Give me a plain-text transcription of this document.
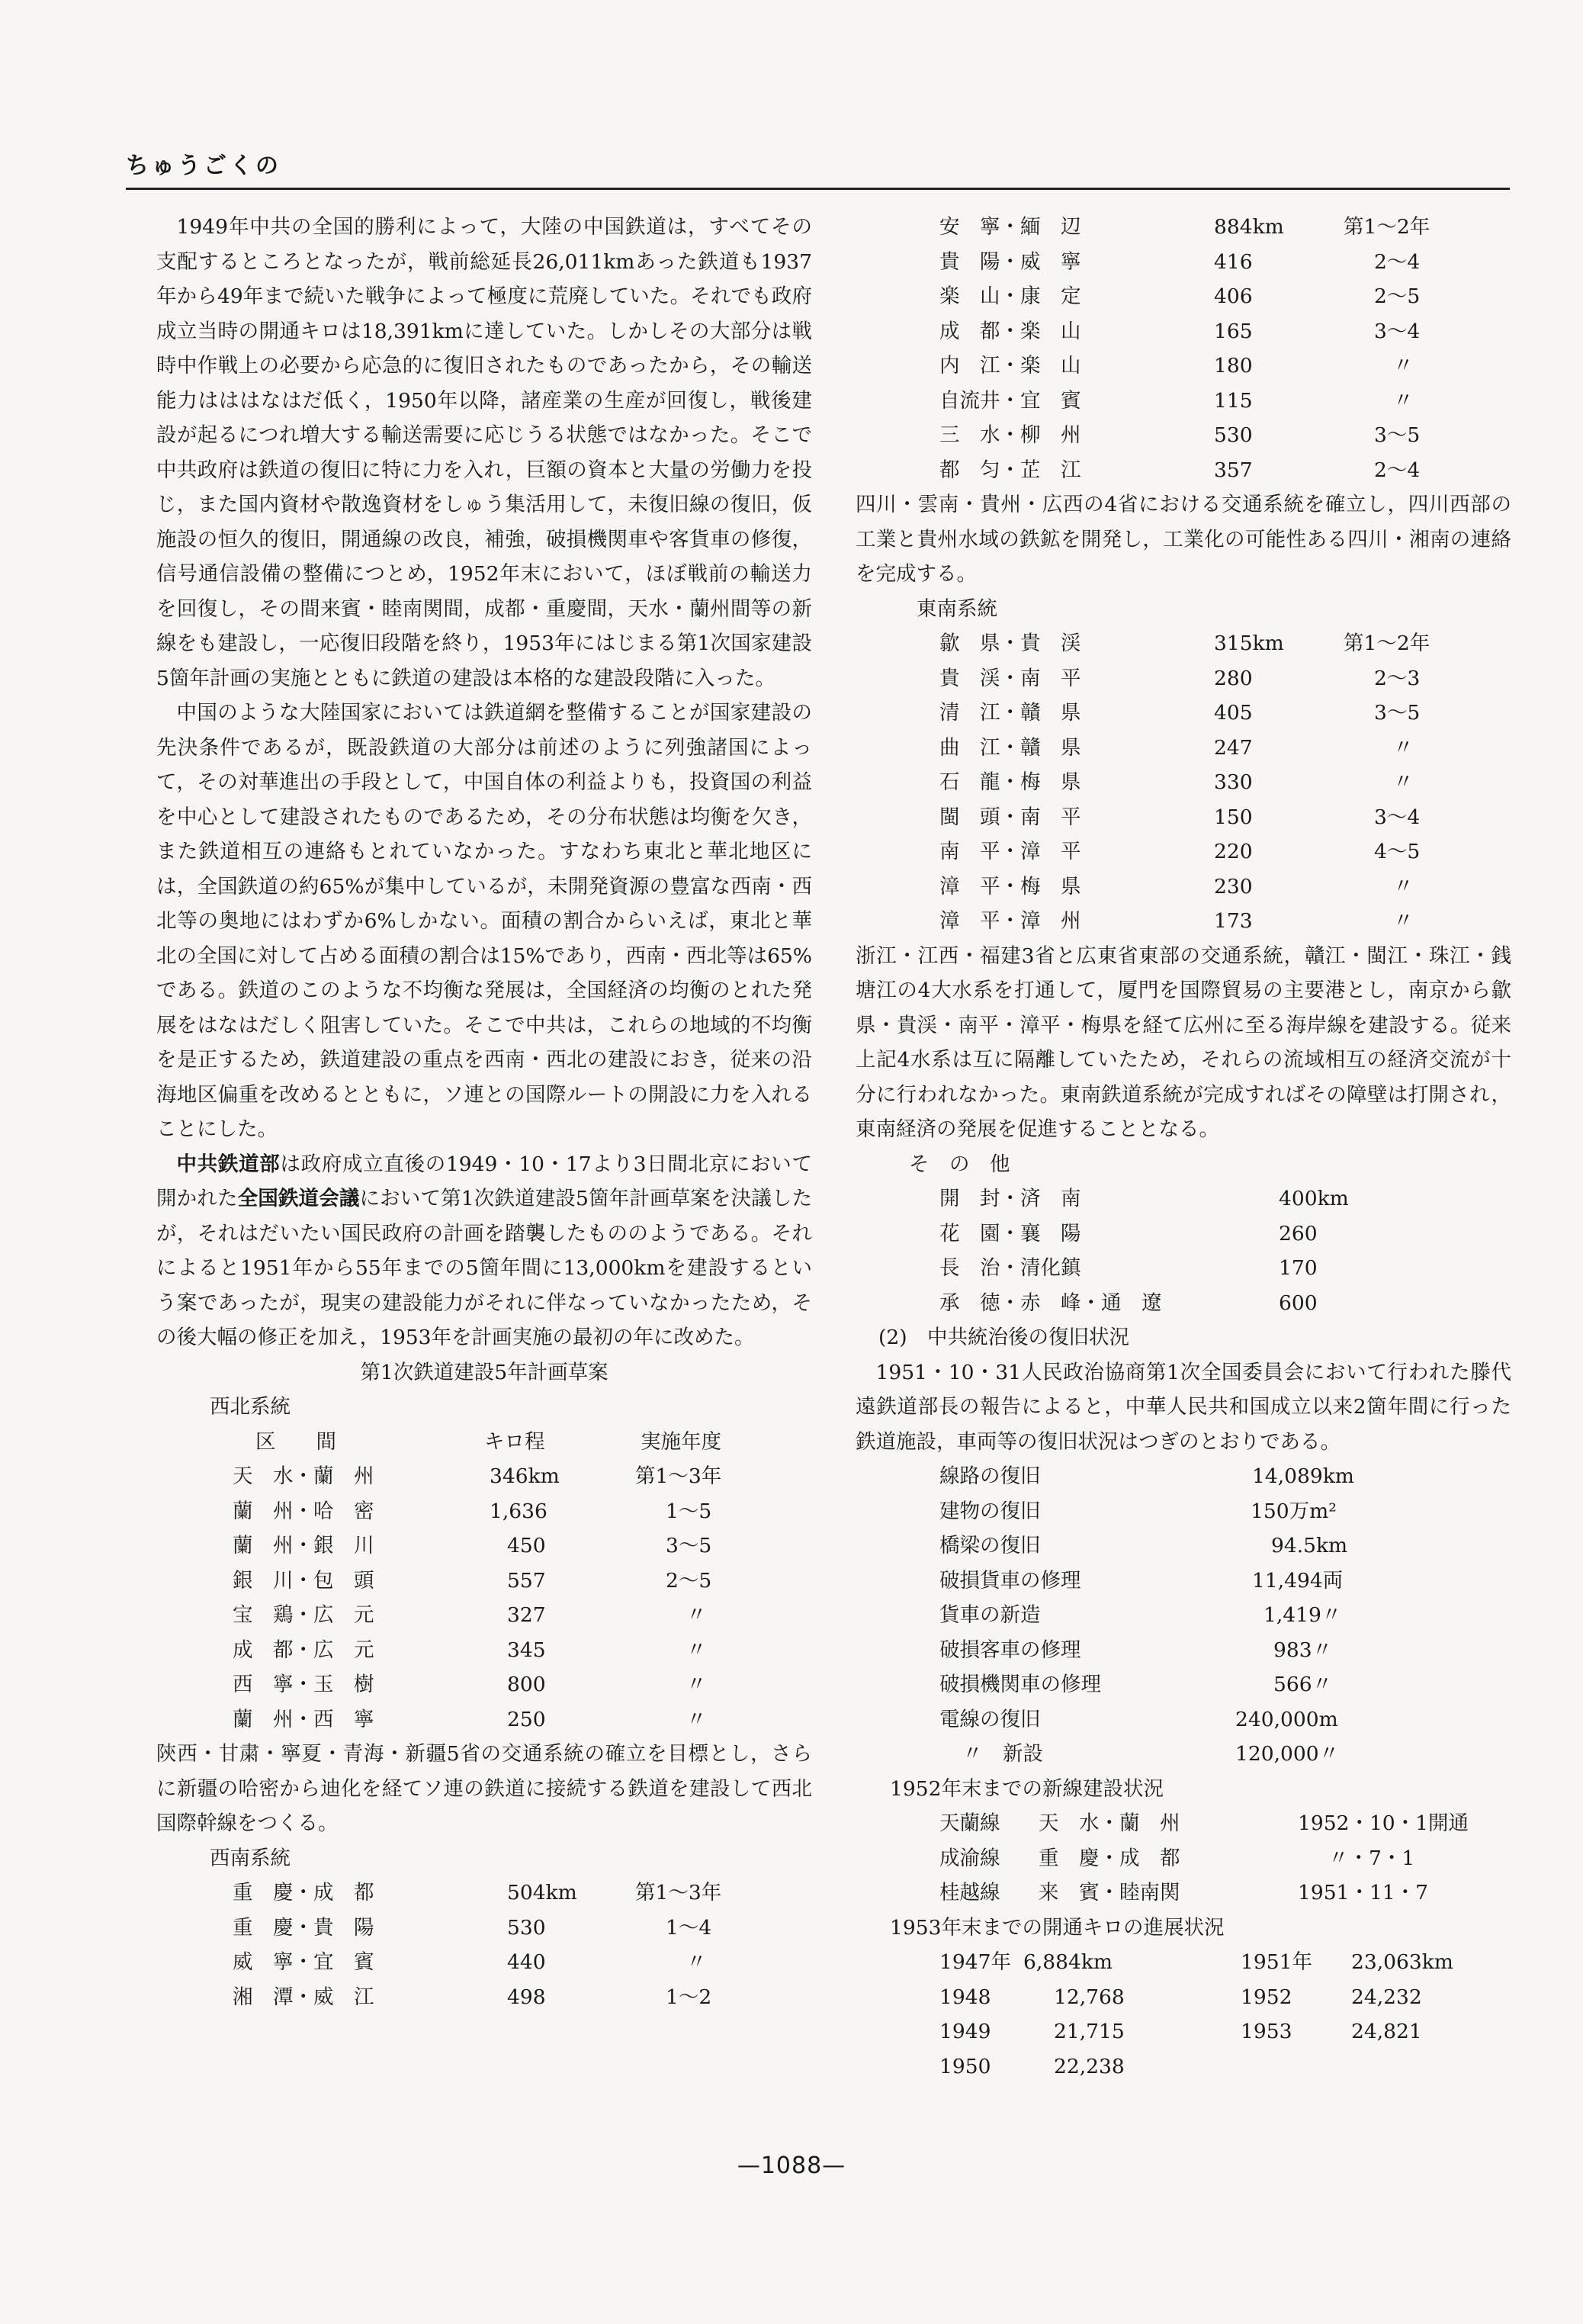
ちゅうごくの

1949年中共の全国的勝利によって，大陸の中国鉄道は，すべてその支配するところとなったが，戦前総延長26,011kmあった鉄道も1937年から49年まで続いた戦争によって極度に荒廃していた。それでも政府成立当時の開通キロは18,391kmに達していた。しかしその大部分は戦時中作戦上の必要から応急的に復旧されたものであったから，その輸送能力はははなはだ低く，1950年以降，諸産業の生産が回復し，戦後建設が起るにつれ増大する輸送需要に応じうる状態ではなかった。そこで中共政府は鉄道の復旧に特に力を入れ，巨額の資本と大量の労働力を投じ，また国内資材や散逸資材をしゅう集活用して，未復旧線の復旧，仮施設の恒久的復旧，開通線の改良，補強，破損機関車や客貨車の修復，信号通信設備の整備につとめ，1952年末において，ほぼ戦前の輸送力を回復し，その間来賓・睦南関間，成都・重慶間，天水・蘭州間等の新線をも建設し，一応復旧段階を終り，1953年にはじまる第1次国家建設5箇年計画の実施とともに鉄道の建設は本格的な建設段階に入った。

中国のような大陸国家においては鉄道網を整備することが国家建設の先決条件であるが，既設鉄道の大部分は前述のように列強諸国によって，その対華進出の手段として，中国自体の利益よりも，投資国の利益を中心として建設されたものであるため，その分布状態は均衡を欠き，また鉄道相互の連絡もとれていなかった。すなわち東北と華北地区には，全国鉄道の約65%が集中しているが，未開発資源の豊富な西南・西北等の奥地にはわずか6%しかない。面積の割合からいえば，東北と華北の全国に対して占める面積の割合は15%であり，西南・西北等は65%である。鉄道のこのような不均衡な発展は，全国経済の均衡のとれた発展をはなはだしく阻害していた。そこで中共は，これらの地域的不均衡を是正するため，鉄道建設の重点を西南・西北の建設におき，従来の沿海地区偏重を改めるとともに，ソ連との国際ルートの開設に力を入れることにした。

中共鉄道部は政府成立直後の1949・10・17より3日間北京において開かれた全国鉄道会議において第1次鉄道建設5箇年計画草案を決議したが，それはだいたい国民政府の計画を踏襲したもののようである。それによると1951年から55年までの5箇年間に13,000kmを建設するという案であったが，現実の建設能力がそれに伴なっていなかったため，その後大幅の修正を加え，1953年を計画実施の最初の年に改めた。

第1次鉄道建設5年計画草案
西北系統
区　　間	キロ程	実施年度
天　水・蘭　州	346km	第1～3年
蘭　州・哈　密	1,636	1～5
蘭　州・銀　川	450	3～5
銀　川・包　頭	557	2～5
宝　鶏・広　元	327	〃
成　都・広　元	345	〃
西　寧・玉　樹	800	〃
蘭　州・西　寧	250	〃

陝西・甘粛・寧夏・青海・新疆5省の交通系統の確立を目標とし，さらに新疆の哈密から迪化を経てソ連の鉄道に接続する鉄道を建設して西北国際幹線をつくる。

西南系統
重　慶・成　都	504km	第1～3年
重　慶・貴　陽	530	1～4
威　寧・宜　賓	440	〃
湘　潭・威　江	498	1～2
安　寧・緬　辺	884km	第1～2年
貴　陽・威　寧	416	2～4
楽　山・康　定	406	2～5
成　都・楽　山	165	3～4
内　江・楽　山	180	〃
自流井・宜　賓	115	〃
三　水・柳　州	530	3～5
都　匀・芷　江	357	2～4

四川・雲南・貴州・広西の4省における交通系統を確立し，四川西部の工業と貴州水域の鉄鉱を開発し，工業化の可能性ある四川・湘南の連絡を完成する。

東南系統
歙　県・貴　渓	315km	第1～2年
貴　渓・南　平	280	2～3
清　江・贛　県	405	3～5
曲　江・贛　県	247	〃
石　龍・梅　県	330	〃
閩　頭・南　平	150	3～4
南　平・漳　平	220	4～5
漳　平・梅　県	230	〃
漳　平・漳　州	173	〃

浙江・江西・福建3省と広東省東部の交通系統，贛江・閩江・珠江・銭塘江の4大水系を打通して，厦門を国際貿易の主要港とし，南京から歙県・貴渓・南平・漳平・梅県を経て広州に至る海岸線を建設する。従来上記4水系は互に隔離していたため，それらの流域相互の経済交流が十分に行われなかった。東南鉄道系統が完成すればその障壁は打開され，東南経済の発展を促進することとなる。

そ　の　他
開　封・済　南	400km
花　園・襄　陽	260
長　治・清化鎮	170
承　徳・赤　峰・通　遼	600
(2)　中共統治後の復旧状況

1951・10・31人民政治協商第1次全国委員会において行われた滕代遠鉄道部長の報告によると，中華人民共和国成立以来2箇年間に行った鉄道施設，車両等の復旧状況はつぎのとおりである。

線路の復旧	14,089km
建物の復旧	150万m²
橋梁の復旧	94.5km
破損貨車の修理	11,494両
貨車の新造	1,419〃
破損客車の修理	983〃
破損機関車の修理	566〃
電線の復旧	240,000m
〃　新設	120,000〃
1952年末までの新線建設状況
天蘭線 天　水・蘭　州	1952・10・1開通
成渝線 重　慶・成　都	〃・7・1
桂越線 来　賓・睦南関	1951・11・7
1953年末までの開通キロの進展状況
1947年 6,884km	1951年 23,063km
1948	12,768	1952	24,232
1949	21,715	1953	24,821
1950	22,238
—1088—
